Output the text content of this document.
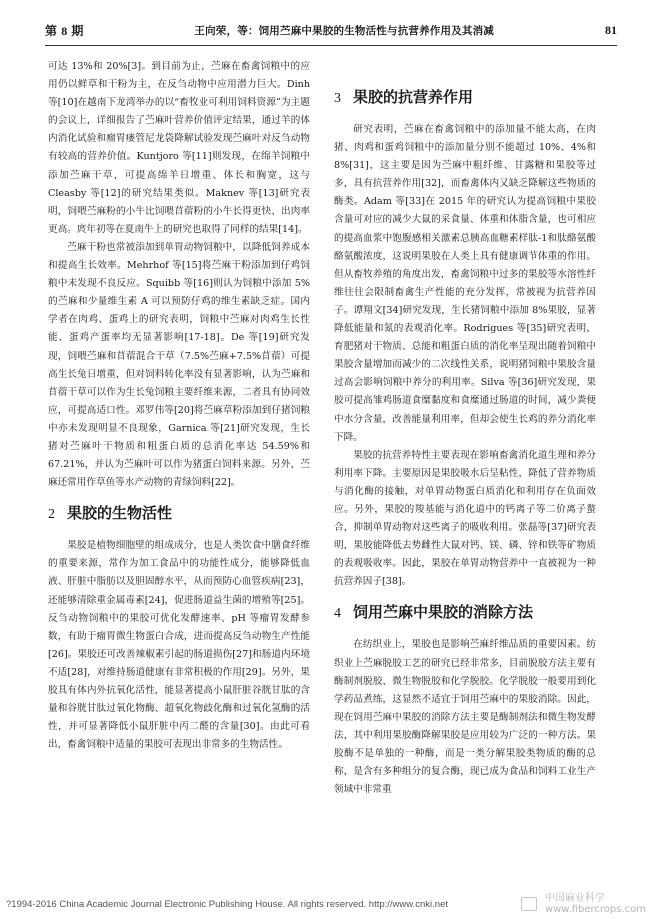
第 8 期	王向荣，等：饲用苎麻中果胶的生物活性与抗营养作用及其消减	81

可达 13%和 20%[3]。到目前为止，苎麻在畜禽饲粮中的应用仍以鲜草和干粉为主，在反刍动物中应用潜力巨大。Dinh 等[10]在越南下龙湾举办的以“畜牧业可利用饲料资源”为主题的会议上，详细报告了苎麻叶营养价值评定结果，通过羊的体内消化试验和瘤胃瘘管尼龙袋降解试验发现苎麻叶对反刍动物有较高的营养价值。Kuntjoro 等[11]则发现，在绵羊饲粮中添加苎麻干草，可提高绵羊日增重、体长和胸宽，这与 Cleasby 等[12]的研究结果类似。Maknev 等[13]研究表明，饲喂苎麻粉的小牛比饲喂苜蓿粉的小牛长得更快、出肉率更高。庹年初等在夏南牛上的研究也取得了同样的结果[14]。

苎麻干粉也常被添加到单胃动物饲粮中，以降低饲养成本和提高生长效率。Mehrhof 等[15]将苎麻干粉添加到仔鸡饲粮中未发现不良反应。Squibb 等[16]则认为饲粮中添加 5%的苎麻和少量维生素 A 可以预防仔鸡的维生素缺乏症。国内学者在肉鸡、蛋鸡上的研究表明，饲粮中苎麻对肉鸡生长性能、蛋鸡产蛋率均无显著影响[17-18]。De 等[19]研究发现，饲喂苎麻和苜蓿混合干草（7.5%苎麻+7.5%苜蓿）可提高生长兔日增重，但对饲料转化率没有显著影响，认为苎麻和苜蓿干草可以作为生长兔饲粮主要纤维来源，二者具有协同效应，可提高适口性。邓罗伟等[20]将苎麻草粉添加到仔猪饲粮中亦未发现明显不良现象，Garnica 等[21]研究发现，生长猪对苎麻叶干物质和粗蛋白质的总消化率达 54.59%和 67.21%，并认为苎麻叶可以作为猪蛋白饲料来源。另外，苎麻还常用作草鱼等水产动物的青绿饲料[22]。

2 果胶的生物活性

果胶是植物细胞壁的组成成分，也是人类饮食中膳食纤维的重要来源，常作为加工食品中的功能性成分，能够降低血液、肝脏中脂肪以及胆固醇水平，从而预防心血管疾病[23]，还能够清除重金属毒素[24]，促进肠道益生菌的增殖等[25]。反刍动物饲粮中的果胶可优化发酵速率、pH 等瘤胃发酵参数，有助于瘤胃微生物蛋白合成，进而提高反刍动物生产性能[26]。果胶还可改善辣椒素引起的肠道损伤[27]和肠道内环境不适[28]，对维持肠道健康有非常积极的作用[29]。另外，果胶具有体内外抗氧化活性，能显著提高小鼠肝脏谷胱甘肽的含量和谷胱甘肽过氧化物酶、超氧化物歧化酶和过氧化氢酶的活性，并可显著降低小鼠肝脏中丙二醛的含量[30]。由此可看出，畜禽饲粮中适量的果胶可表现出非常多的生物活性。

3 果胶的抗营养作用

研究表明，苎麻在畜禽饲粮中的添加量不能太高，在肉猪、肉鸡和蛋鸡饲粮中的添加量分别不能超过 10%、4%和 8%[31]，这主要是因为苎麻中粗纤维、甘露糖和果胶等过多，具有抗营养作用[32]，而畜禽体内又缺乏降解这些物质的酶类。Adam 等[33]在 2015 年的研究认为提高饲粮中果胶含量可对应的减少大鼠的采食量、体重和体脂含量，也可相应的提高血浆中饱腹感相关激素总胰高血糖素样肽-1和肽酪氨酸酪氨酸浓度，这说明果胶在人类上具有健康调节体重的作用。但从畜牧养殖的角度出发，畜禽饲粮中过多的果胶等水溶性纤维往往会限制畜禽生产性能的充分发挥，常被视为抗营养因子。谭翔文[34]研究发现，生长猪饲粮中添加 8%果胶，显著降低能量和氮的表观消化率。Rodrigues 等[35]研究表明，育肥猪对干物质、总能和粗蛋白质的消化率呈现出随着饲粮中果胶含量增加而减少的二次线性关系，说明猪饲粮中果胶含量过高会影响饲粮中养分的利用率。Silva 等[36]研究发现，果胶可提高雏鸡肠道食糜黏度和食糜通过肠道的时间，减少粪便中水分含量，改善能量利用率，但却会使生长鸡的养分消化率下降。

果胶的抗营养特性主要表现在影响畜禽消化道生理和养分利用率下降。主要原因是果胶吸水后呈粘性，降低了营养物质与消化酶的接触，对单胃动物蛋白质消化和利用存在负面效应。另外，果胶的羧基能与消化道中的钙离子等二价离子螯合，抑制单胃动物对这些离子的吸收利用。张磊等[37]研究表明，果胶能降低去势雌性大鼠对钙、镁、磷、锌和铁等矿物质的表观吸收率。因此，果胶在单胃动物营养中一直被视为一种抗营养因子[38]。

4 饲用苎麻中果胶的消除方法

在纺织业上，果胶也是影响苎麻纤维品质的重要因素。纺织业上苎麻脱胶工艺的研究已经非常多，目前脱胶方法主要有酶制剂脱胶、微生物脱胶和化学脱胶。化学脱胶一般要用到化学药品煮练，这显然不适宜于饲用苎麻中的果胶消除。因此，现在饲用苎麻中果胶的消除方法主要是酶制剂法和微生物发酵法，其中利用果胶酶降解果胶是应用较为广泛的一种方法。果胶酶不是单独的一种酶，而是一类分解果胶类物质的酶的总称，是含有多种组分的复合酶，现已成为食品和饲料工业生产领域中非常重

?1994-2016 China Academic Journal Electronic Publishing House. All rights reserved. http://www.cnki.net	中国麻业科学
www.fibercrops.com
